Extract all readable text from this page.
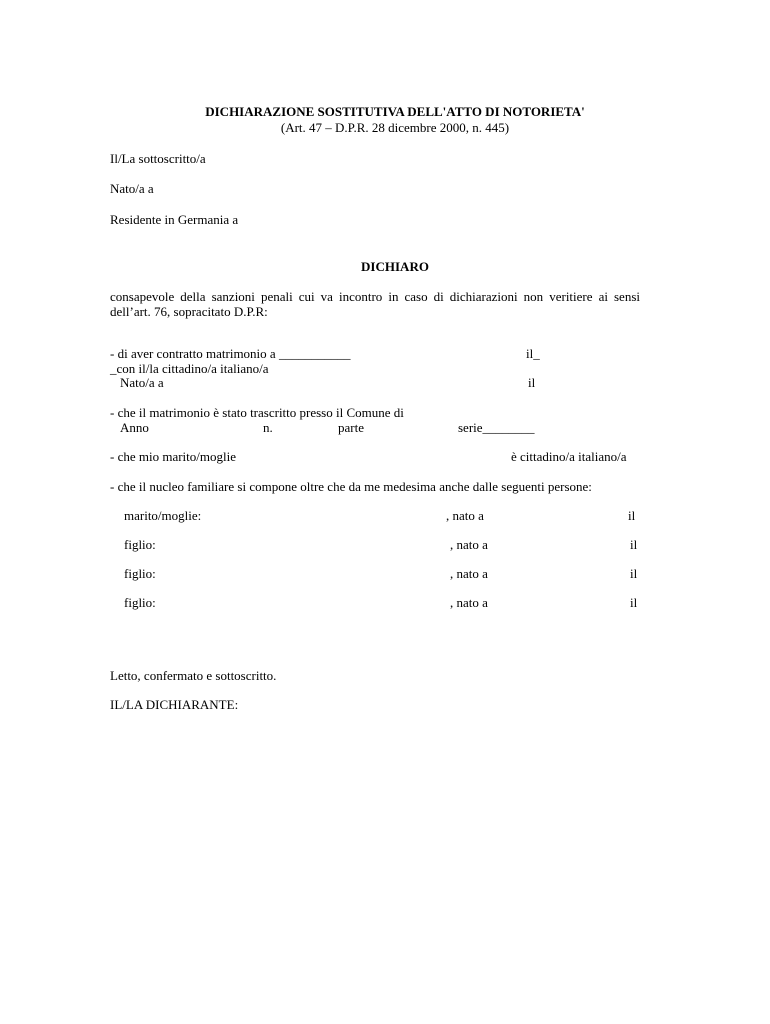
DICHIARAZIONE SOSTITUTIVA DELL'ATTO DI NOTORIETA'
(Art. 47 – D.P.R. 28 dicembre 2000, n. 445)
Il/La sottoscritto/a
Nato/a a
Residente in Germania a
DICHIARO
consapevole della sanzioni penali cui va incontro in caso di dichiarazioni non veritiere ai sensi dell’art. 76, sopracitato D.P.R:
- di aver contratto matrimonio a ___________	il_
_con il/la cittadino/a italiano/a
Nato/a a	il
- che il matrimonio è stato trascritto presso il Comune di
Anno	n.	parte	serie________
- che mio marito/moglie	è cittadino/a italiano/a
- che il nucleo familiare si compone oltre che da me medesima anche dalle seguenti persone:
marito/moglie:	, nato a	il
figlio:	, nato a	il
figlio:	, nato a	il
figlio:	, nato a	il
Letto, confermato e sottoscritto.
IL/LA DICHIARANTE:
